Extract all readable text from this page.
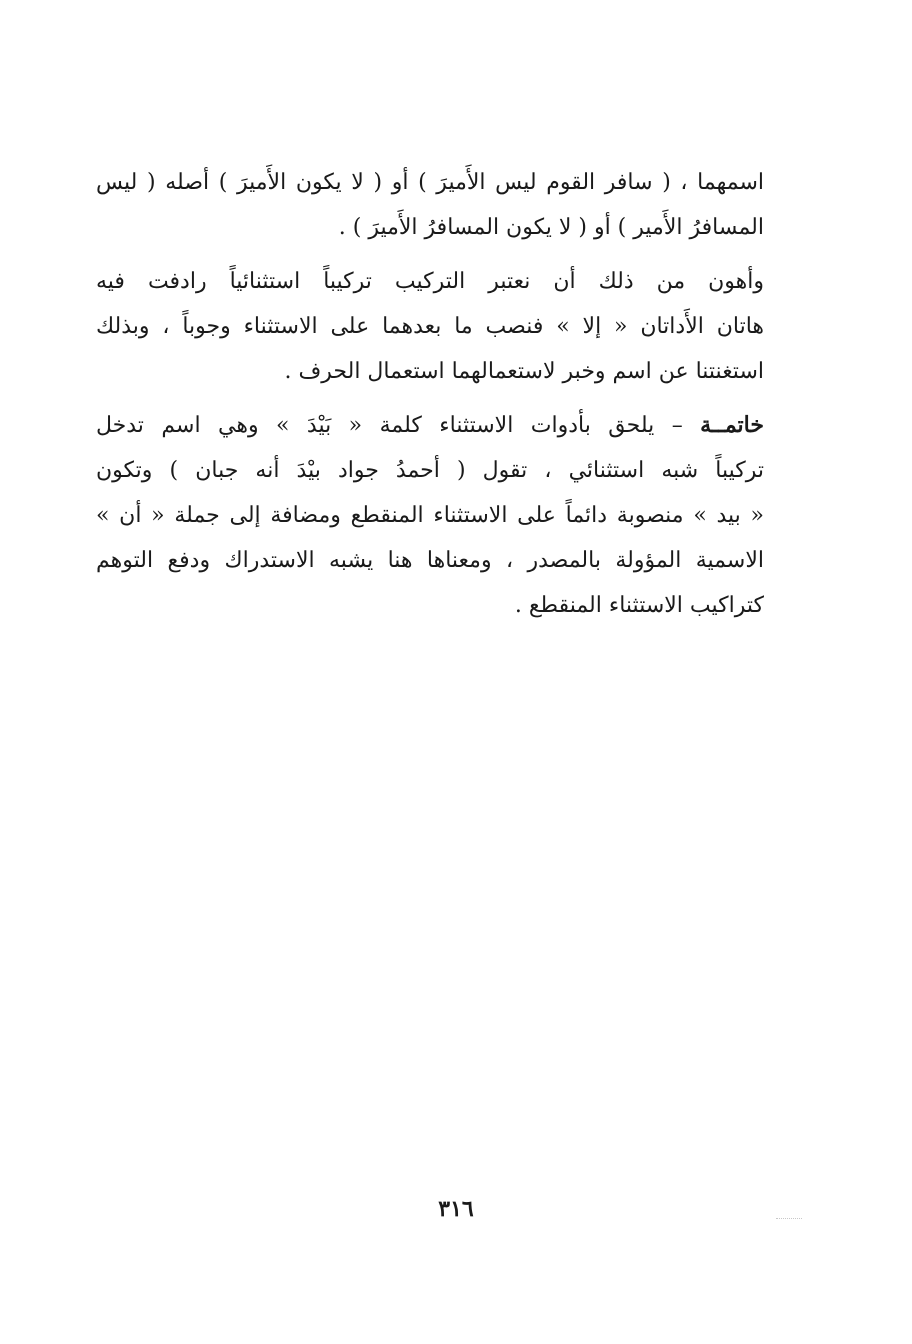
اسمهما ، ( سافر القوم ليس الأَميرَ ) أو ( لا يكون الأَميرَ ) أصله ( ليس
المسافرُ الأَمير ) أو ( لا يكون المسافرُ الأَميرَ ) .

وأهون من ذلك أن نعتبر التركيب تركيباً استثنائياً رادفت فيه
هاتان الأَداتان « إلا » فنصب ما بعدهما على الاستثناء وجوباً ، وبذلك
استغنتنا عن اسم وخبر لاستعمالهما استعمال الحرف .

خاتمــة – يلحق بأدوات الاستثناء كلمة « بَيْدَ » وهي اسم تدخل
تركيباً شبه استثنائي ، تقول ( أحمدُ جواد بيْدَ أنه جبان ) وتكون
« بيد » منصوبة دائماً على الاستثناء المنقطع ومضافة إلى جملة « أن »
الاسمية المؤولة بالمصدر ، ومعناها هنا يشبه الاستدراك ودفع التوهم
كتراكيب الاستثناء المنقطع .

٣١٦
